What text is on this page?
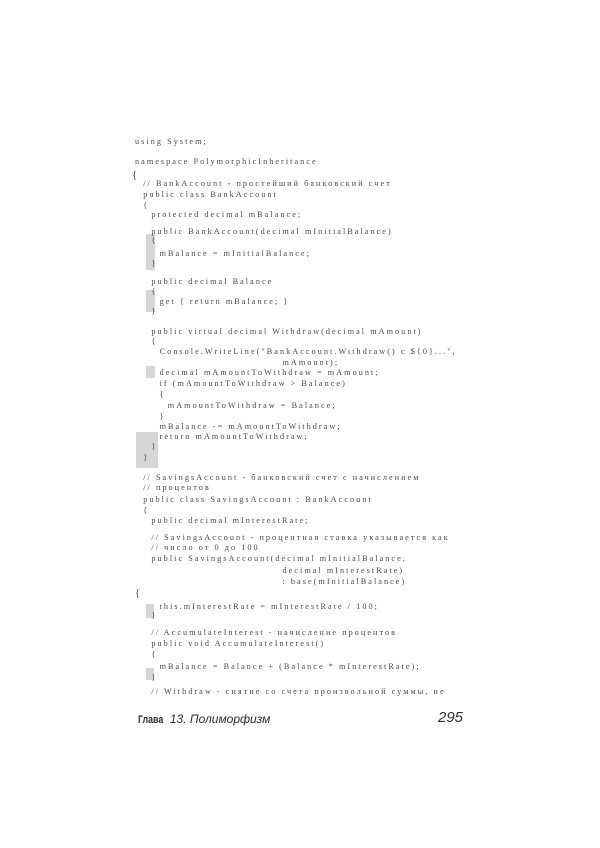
using System;
namespace PolymorphicInheritance
{
// BankAccount - простейший банковский счет
public class BankAccount
{
protected decimal mBalance;
public BankAccount(decimal mInitialBalance)
{
mBalance = mInitialBalance;
}
public decimal Balance
{
get { return mBalance; }
}
public virtual decimal Withdraw(decimal mAmount)
{
Console.WriteLine("BankAccount.Withdraw() c ${0}...",
mAmount);
decimal mAmountToWithdraw = mAmount;
if (mAmountToWithdraw > Balance)
{
mAmountToWithdraw = Balance;
}
mBalance -= mAmountToWithdraw;
return mAmountToWithdraw;
}
}
// SavingsAccount - банковский счет с начислением
// процентов
public class SavingsAccount : BankAccount
{
public decimal mInterestRate;
// SavingsAccount - процентная ставка указывается как
// число от 0 до 100
public SavingsAccount(decimal mInitialBalance,
decimal mInterestRate)
: base(mInitialBalance)
{
this.mInterestRate = mInterestRate / 100;
}
// AccumulateInterest - начисление процентов
public void AccumulateInterest()
{
mBalance = Balance + (Balance * mInterestRate);
}
// Withdraw - снятие со счета произвольной суммы, не
Глава 13. Полиморфизм	295
